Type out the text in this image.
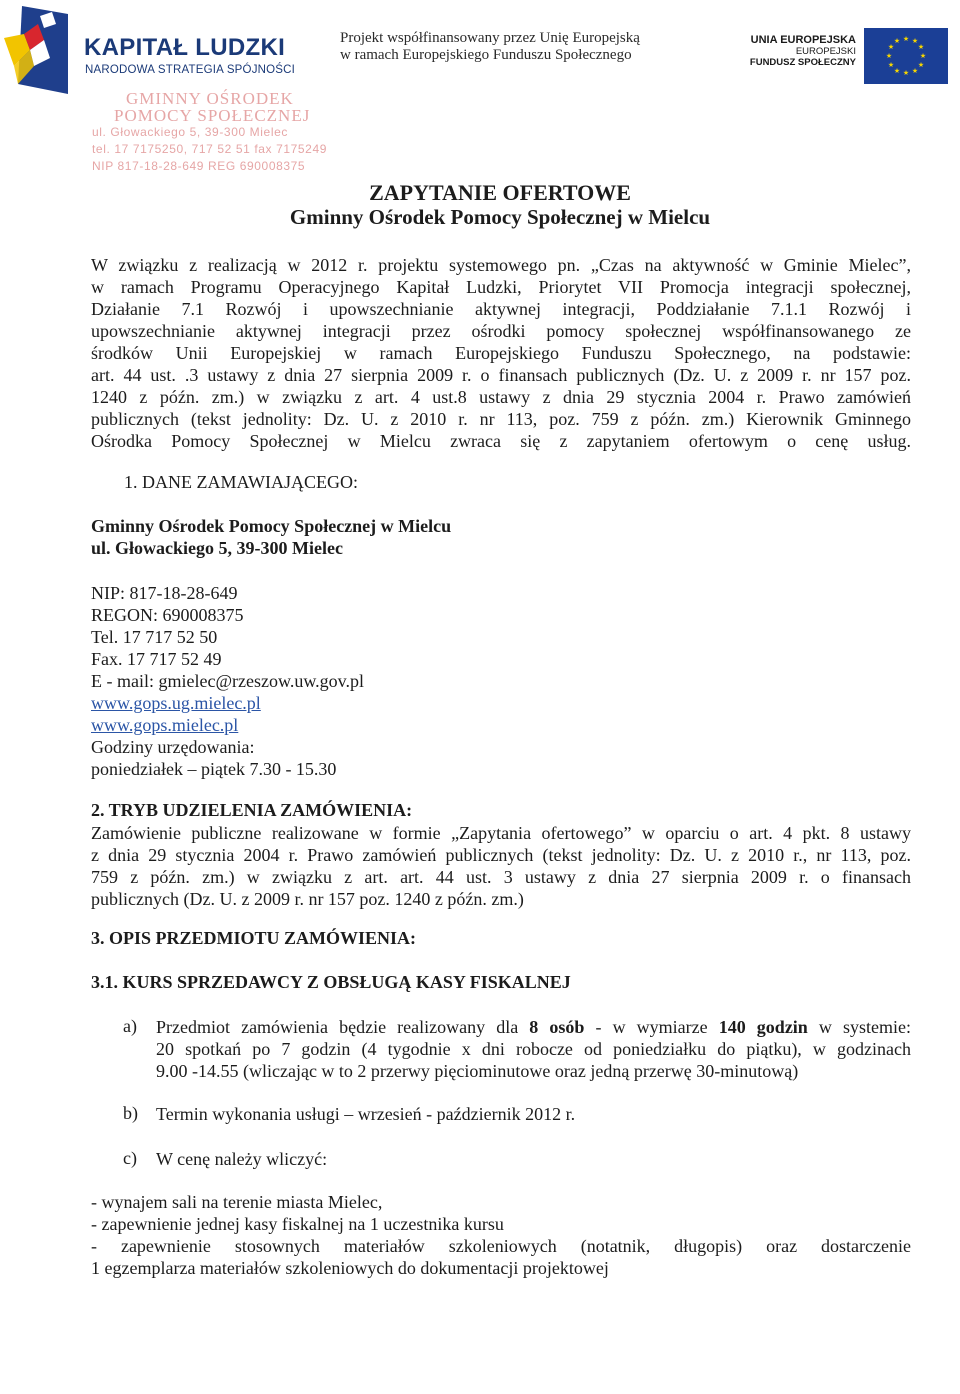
KAPITAŁ LUDZKI
NARODOWA STRATEGIA SPÓJNOŚCI
Projekt współfinansowany przez Unię Europejską
w ramach Europejskiego Funduszu Społecznego
UNIA EUROPEJSKA
EUROPEJSKI
FUNDUSZ SPOŁECZNY
★ ★
★
★
★
★
★
★
★
★
★
★
GMINNY OŚRODEK
POMOCY SPOŁECZNEJ
ul. Głowackiego 5, 39-300 Mielec
tel. 17 7175250, 717 52 51 fax 7175249
NIP 817-18-28-649 REG 690008375
ZAPYTANIE OFERTOWE
Gminny Ośrodek Pomocy Społecznej w Mielcu
W związku z realizacją w 2012 r. projektu systemowego pn. „Czas na aktywność w Gminie Mielec”,
w ramach Programu Operacyjnego Kapitał Ludzki, Priorytet VII Promocja integracji społecznej,
Działanie 7.1 Rozwój i upowszechnianie aktywnej integracji, Poddziałanie 7.1.1 Rozwój i
upowszechnianie aktywnej integracji przez ośrodki pomocy społecznej współfinansowanego ze
środków Unii Europejskiej w ramach Europejskiego Funduszu Społecznego, na podstawie:
art. 44 ust. .3 ustawy z dnia 27 sierpnia 2009 r. o finansach publicznych (Dz. U. z 2009 r. nr 157 poz.
1240 z późn. zm.) w związku z art. 4 ust.8 ustawy z dnia 29 stycznia 2004 r. Prawo zamówień
publicznych (tekst jednolity: Dz. U. z 2010 r. nr 113, poz. 759 z późn. zm.) Kierownik Gminnego
Ośrodka Pomocy Społecznej w Mielcu zwraca się z zapytaniem ofertowym o cenę usług.
1. DANE ZAMAWIAJĄCEGO:
Gminny Ośrodek Pomocy Społecznej w Mielcu
ul. Głowackiego 5, 39-300 Mielec
NIP: 817-18-28-649
REGON: 690008375
Tel. 17 717 52 50
Fax. 17 717 52 49
E - mail: gmielec@rzeszow.uw.gov.pl
www.gops.ug.mielec.pl
www.gops.mielec.pl
Godziny urzędowania:
poniedziałek – piątek 7.30 - 15.30
2. TRYB UDZIELENIA ZAMÓWIENIA:
Zamówienie publiczne realizowane w formie „Zapytania ofertowego” w oparciu o art. 4 pkt. 8 ustawy
z dnia 29 stycznia 2004 r. Prawo zamówień publicznych (tekst jednolity: Dz. U. z 2010 r., nr 113, poz.
759 z późn. zm.) w związku z art. art. 44 ust. 3 ustawy z dnia 27 sierpnia 2009 r. o finansach
publicznych (Dz. U. z 2009 r. nr 157 poz. 1240 z późn. zm.)
3. OPIS PRZEDMIOTU ZAMÓWIENIA:
3.1. KURS SPRZEDAWCY Z OBSŁUGĄ KASY FISKALNEJ
a) Przedmiot zamówienia będzie realizowany dla 8 osób - w wymiarze 140 godzin w systemie:
20 spotkań po 7 godzin (4 tygodnie x dni robocze od poniedziałku do piątku), w godzinach
9.00 -14.55 (wliczając w to 2 przerwy pięciominutowe oraz jedną przerwę 30-minutową)
b) Termin wykonania usługi – wrzesień - październik 2012 r.
c) W cenę należy wliczyć:
- wynajem sali na terenie miasta Mielec,
- zapewnienie jednej kasy fiskalnej na 1 uczestnika kursu
- zapewnienie stosownych materiałów szkoleniowych (notatnik, długopis) oraz dostarczenie
1 egzemplarza materiałów szkoleniowych do dokumentacji projektowej
